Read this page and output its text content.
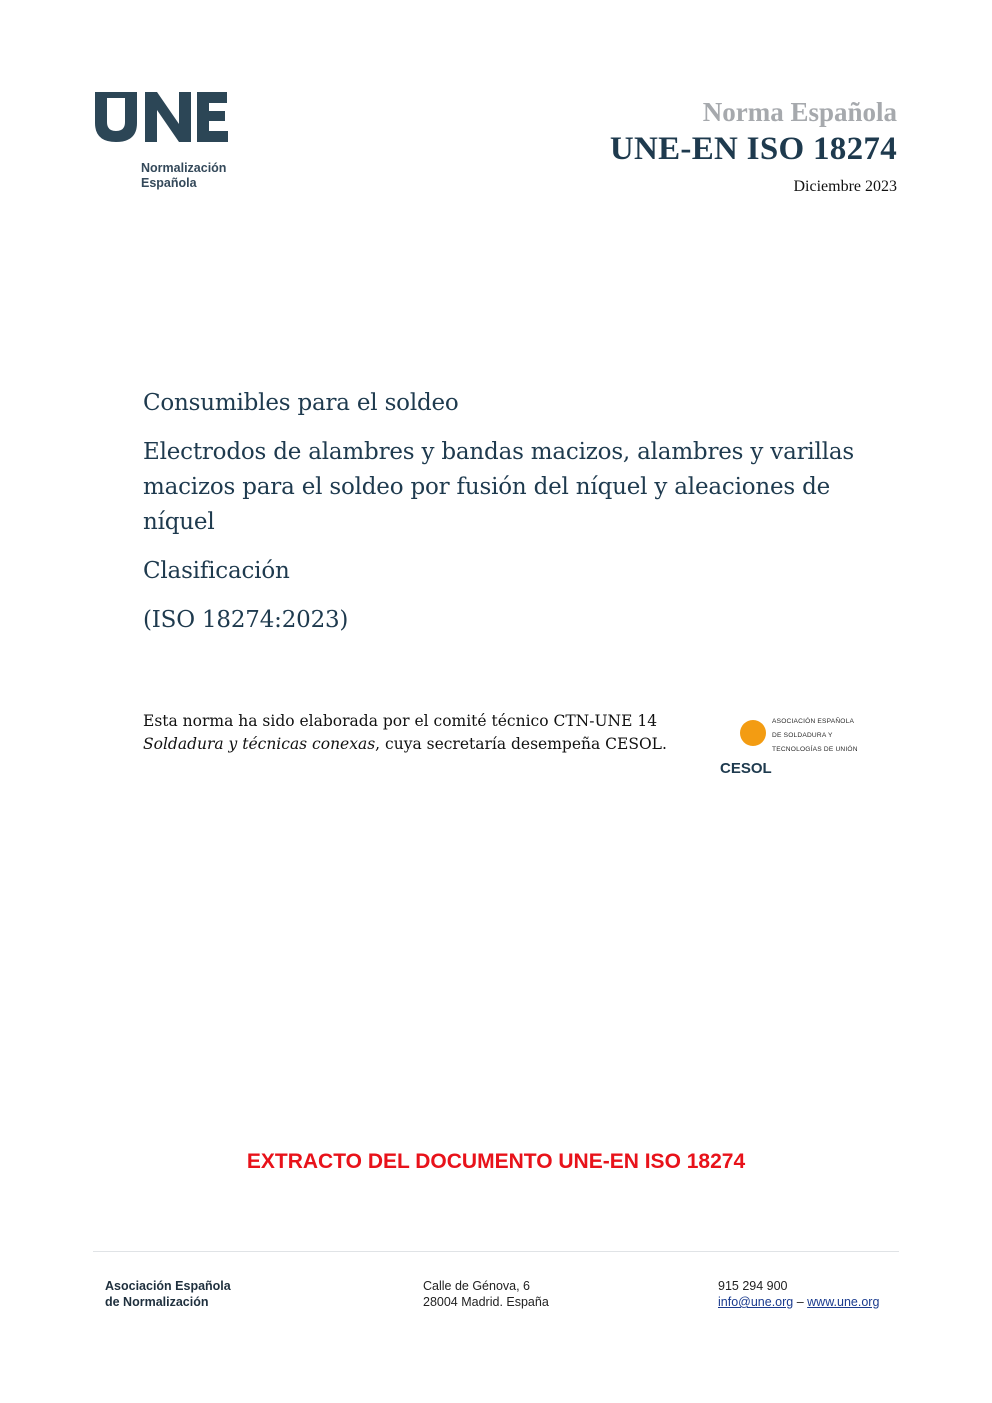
Normalización
Española
Norma Española
UNE-EN ISO 18274
Diciembre 2023
Consumibles para el soldeo
Electrodos de alambres y bandas macizos, alambres y varillas macizos para el soldeo por fusión del níquel y aleaciones de níquel
Clasificación
(ISO 18274:2023)
Esta norma ha sido elaborada por el comité técnico CTN-UNE 14 Soldadura y técnicas conexas, cuya secretaría desempeña CESOL.
ASOCIACIÓN ESPAÑOLA
DE SOLDADURA Y
TECNOLOGÍAS DE UNIÓN
CESOL
EXTRACTO DEL DOCUMENTO UNE-EN ISO 18274
Asociación Española
de Normalización
Calle de Génova, 6
28004 Madrid. España
915 294 900
info@une.org – www.une.org
